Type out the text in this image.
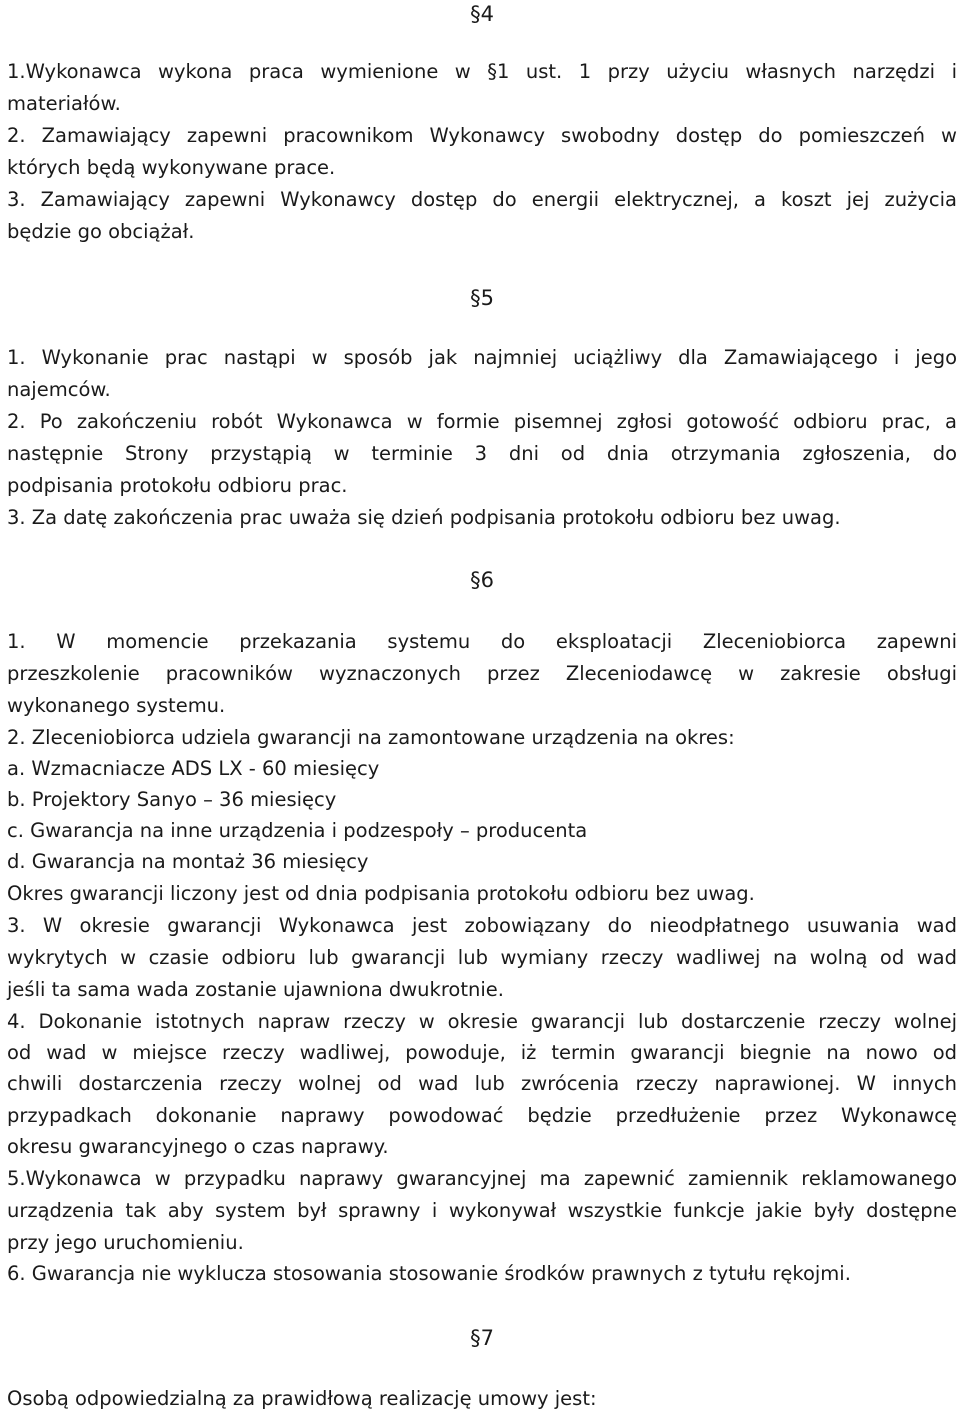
§4
1.Wykonawca wykona praca wymienione w §1 ust. 1 przy użyciu własnych narzędzi i
materiałów.
2. Zamawiający zapewni pracownikom Wykonawcy swobodny dostęp do pomieszczeń w
których będą wykonywane prace.
3. Zamawiający zapewni Wykonawcy dostęp do energii elektrycznej, a koszt jej zużycia
będzie go obciążał.
§5
1. Wykonanie prac nastąpi w sposób jak najmniej uciążliwy dla Zamawiającego i jego
najemców.
2. Po zakończeniu robót Wykonawca w formie pisemnej zgłosi gotowość odbioru prac, a
następnie Strony przystąpią w terminie 3 dni od dnia otrzymania zgłoszenia, do
podpisania protokołu odbioru prac.
3. Za datę zakończenia prac uważa się dzień podpisania protokołu odbioru bez uwag.
§6
1. W momencie przekazania systemu do eksploatacji Zleceniobiorca zapewni
przeszkolenie pracowników wyznaczonych przez Zleceniodawcę w zakresie obsługi
wykonanego systemu.
2. Zleceniobiorca udziela gwarancji na zamontowane urządzenia na okres:
a. Wzmacniacze ADS LX - 60 miesięcy
b. Projektory Sanyo – 36 miesięcy
c. Gwarancja na inne urządzenia i podzespoły – producenta
d. Gwarancja na montaż 36 miesięcy
Okres gwarancji liczony jest od dnia podpisania protokołu odbioru bez uwag.
3. W okresie gwarancji Wykonawca jest zobowiązany do nieodpłatnego usuwania wad
wykrytych w czasie odbioru lub gwarancji lub wymiany rzeczy wadliwej na wolną od wad
jeśli ta sama wada zostanie ujawniona dwukrotnie.
4. Dokonanie istotnych napraw rzeczy w okresie gwarancji lub dostarczenie rzeczy wolnej
od wad w miejsce rzeczy wadliwej, powoduje, iż termin gwarancji biegnie na nowo od
chwili dostarczenia rzeczy wolnej od wad lub zwrócenia rzeczy naprawionej. W innych
przypadkach dokonanie naprawy powodować będzie przedłużenie przez Wykonawcę
okresu gwarancyjnego o czas naprawy.
5.Wykonawca w przypadku naprawy gwarancyjnej ma zapewnić zamiennik reklamowanego
urządzenia tak aby system był sprawny i wykonywał wszystkie funkcje jakie były dostępne
przy jego uruchomieniu.
6. Gwarancja nie wyklucza stosowania stosowanie środków prawnych z tytułu rękojmi.
§7
Osobą odpowiedzialną za prawidłową realizację umowy jest:
